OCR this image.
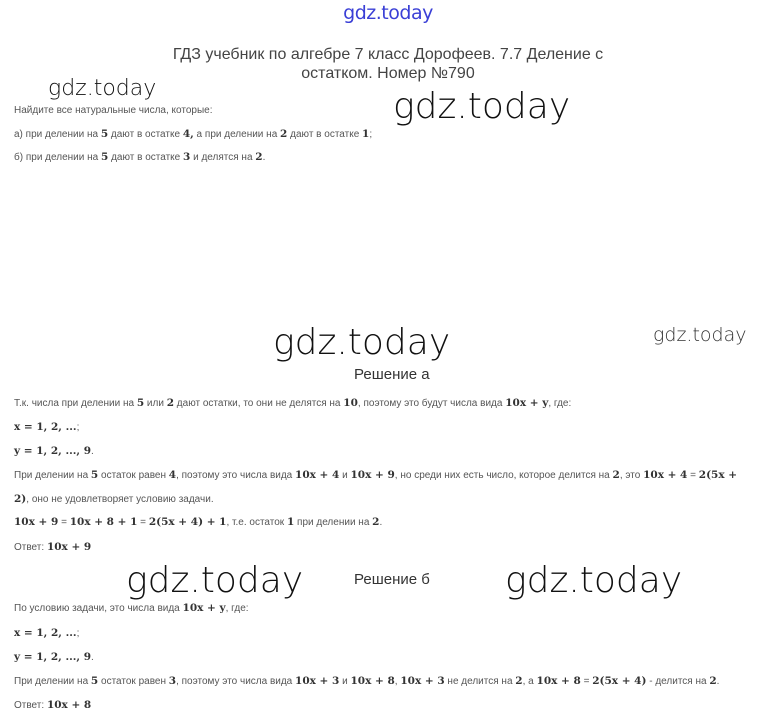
gdz.today
ГДЗ учебник по алгебре 7 класс Дорофеев. 7.7 Деление с
остатком. Номер №790
gdz.today	gdz.today
gdz.today	gdz.today
gdz.today	gdz.today
Найдите все натуральные числа, которые:
а) при делении на 5 дают в остатке 4, а при делении на 2 дают в остатке 1;
б) при делении на 5 дают в остатке 3 и делятся на 2.
Решение а
Т.к. числа при делении на 5 или 2 дают остатки, то они не делятся на 10, поэтому это будут числа вида 10x + y, где:
x = 1, 2, ...;
y = 1, 2, ..., 9.
При делении на 5 остаток равен 4, поэтому это числа вида 10x + 4 и 10x + 9, но среди них есть число, которое делится на 2, это 10x + 4 = 2(5x +
2), оно не удовлетворяет условию задачи.
10x + 9 = 10x + 8 + 1 = 2(5x + 4) + 1, т.е. остаток 1 при делении на 2.
Ответ: 10x + 9
Решение б
По условию задачи, это числа вида 10x + y, где:
x = 1, 2, ...;
y = 1, 2, ..., 9.
При делении на 5 остаток равен 3, поэтому это числа вида 10x + 3 и 10x + 8, 10x + 3 не делится на 2, а 10x + 8 = 2(5x + 4) - делится на 2.
Ответ: 10x + 8
